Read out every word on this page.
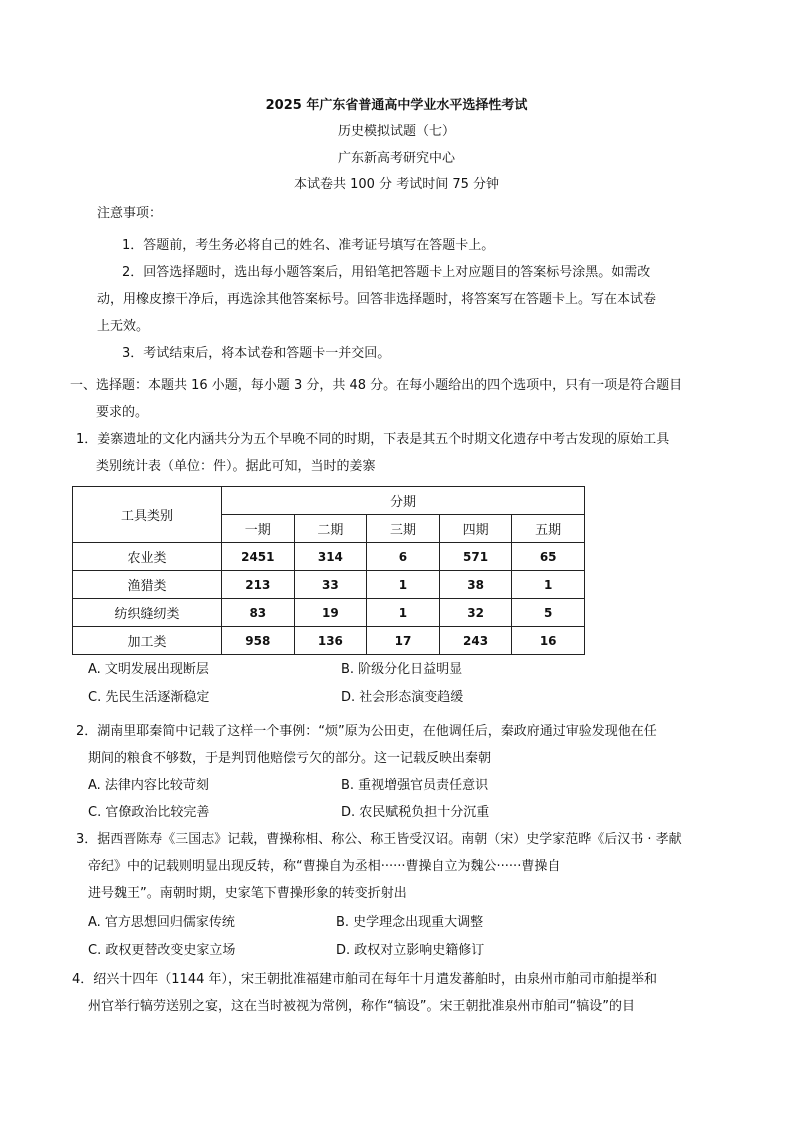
2025 年广东省普通高中学业水平选择性考试
历史模拟试题（七）
广东新高考研究中心
本试卷共 100 分 考试时间 75 分钟
注意事项：
1．答题前，考生务必将自己的姓名、准考证号填写在答题卡上。
2．回答选择题时，选出每小题答案后，用铅笔把答题卡上对应题目的答案标号涂黑。如需改
动，用橡皮擦干净后，再选涂其他答案标号。回答非选择题时，将答案写在答题卡上。写在本试卷
上无效。
3．考试结束后，将本试卷和答题卡一并交回。
一、选择题：本题共 16 小题，每小题 3 分，共 48 分。在每小题给出的四个选项中，只有一项是符合题目
要求的。
1．姜寨遗址的文化内涵共分为五个早晚不同的时期，下表是其五个时期文化遗存中考古发现的原始工具
类别统计表（单位：件）。据此可知，当时的姜寨
工具类别	分期				
	一期	二期	三期	四期	五期
农业类	2451	314	6	571	65
渔猎类	213	33	1	38	1
纺织缝纫类	83	19	1	32	5
加工类	958	136	17	243	16
A. 文明发展出现断层	B. 阶级分化日益明显
C. 先民生活逐渐稳定	D. 社会形态演变趋缓
2．湖南里耶秦简中记载了这样一个事例：“烦”原为公田吏，在他调任后，秦政府通过审验发现他在任
期间的粮食不够数，于是判罚他赔偿亏欠的部分。这一记载反映出秦朝
A. 法律内容比较苛刻	B. 重视增强官员责任意识
C. 官僚政治比较完善	D. 农民赋税负担十分沉重
3．据西晋陈寿《三国志》记载，曹操称相、称公、称王皆受汉诏。南朝（宋）史学家范晔《后汉书 · 孝献
帝纪》中的记载则明显出现反转，称“曹操自为丞相······曹操自立为魏公······曹操自
进号魏王”。南朝时期，史家笔下曹操形象的转变折射出
A. 官方思想回归儒家传统	B. 史学理念出现重大调整
C. 政权更替改变史家立场	D. 政权对立影响史籍修订
4．绍兴十四年（1144 年），宋王朝批准福建市舶司在每年十月遣发蕃舶时，由泉州市舶司市舶提举和
州官举行犒劳送别之宴，这在当时被视为常例，称作“犒设”。宋王朝批准泉州市舶司“犒设”的目
